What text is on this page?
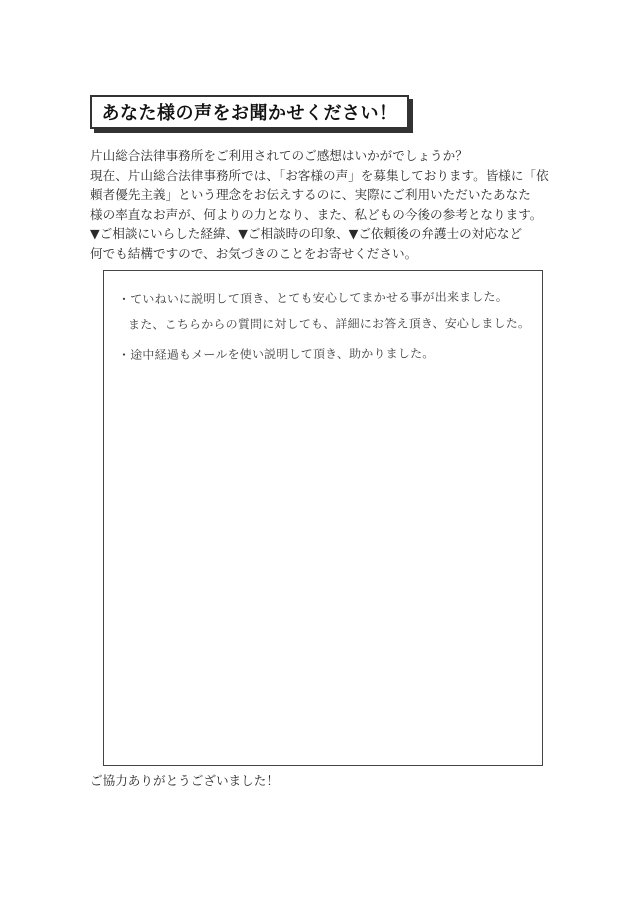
あなた様の声をお聞かせください！

片山総合法律事務所をご利用されてのご感想はいかがでしょうか？

現在、片山総合法律事務所では、「お客様の声」を募集しております。皆様に「依

頼者優先主義」という理念をお伝えするのに、実際にご利用いただいたあなた

様の率直なお声が、何よりの力となり、また、私どもの今後の参考となります。

▼ご相談にいらした経緯、▼ご相談時の印象、▼ご依頼後の弁護士の対応など

何でも結構ですので、お気づきのことをお寄せください。

・ていねいに説明して頂き、とても安心してまかせる事が出来ました。
また、こちらからの質問に対しても、詳細にお答え頂き、安心しました。
・途中経過もメールを使い説明して頂き、助かりました。
ご協力ありがとうございました！
